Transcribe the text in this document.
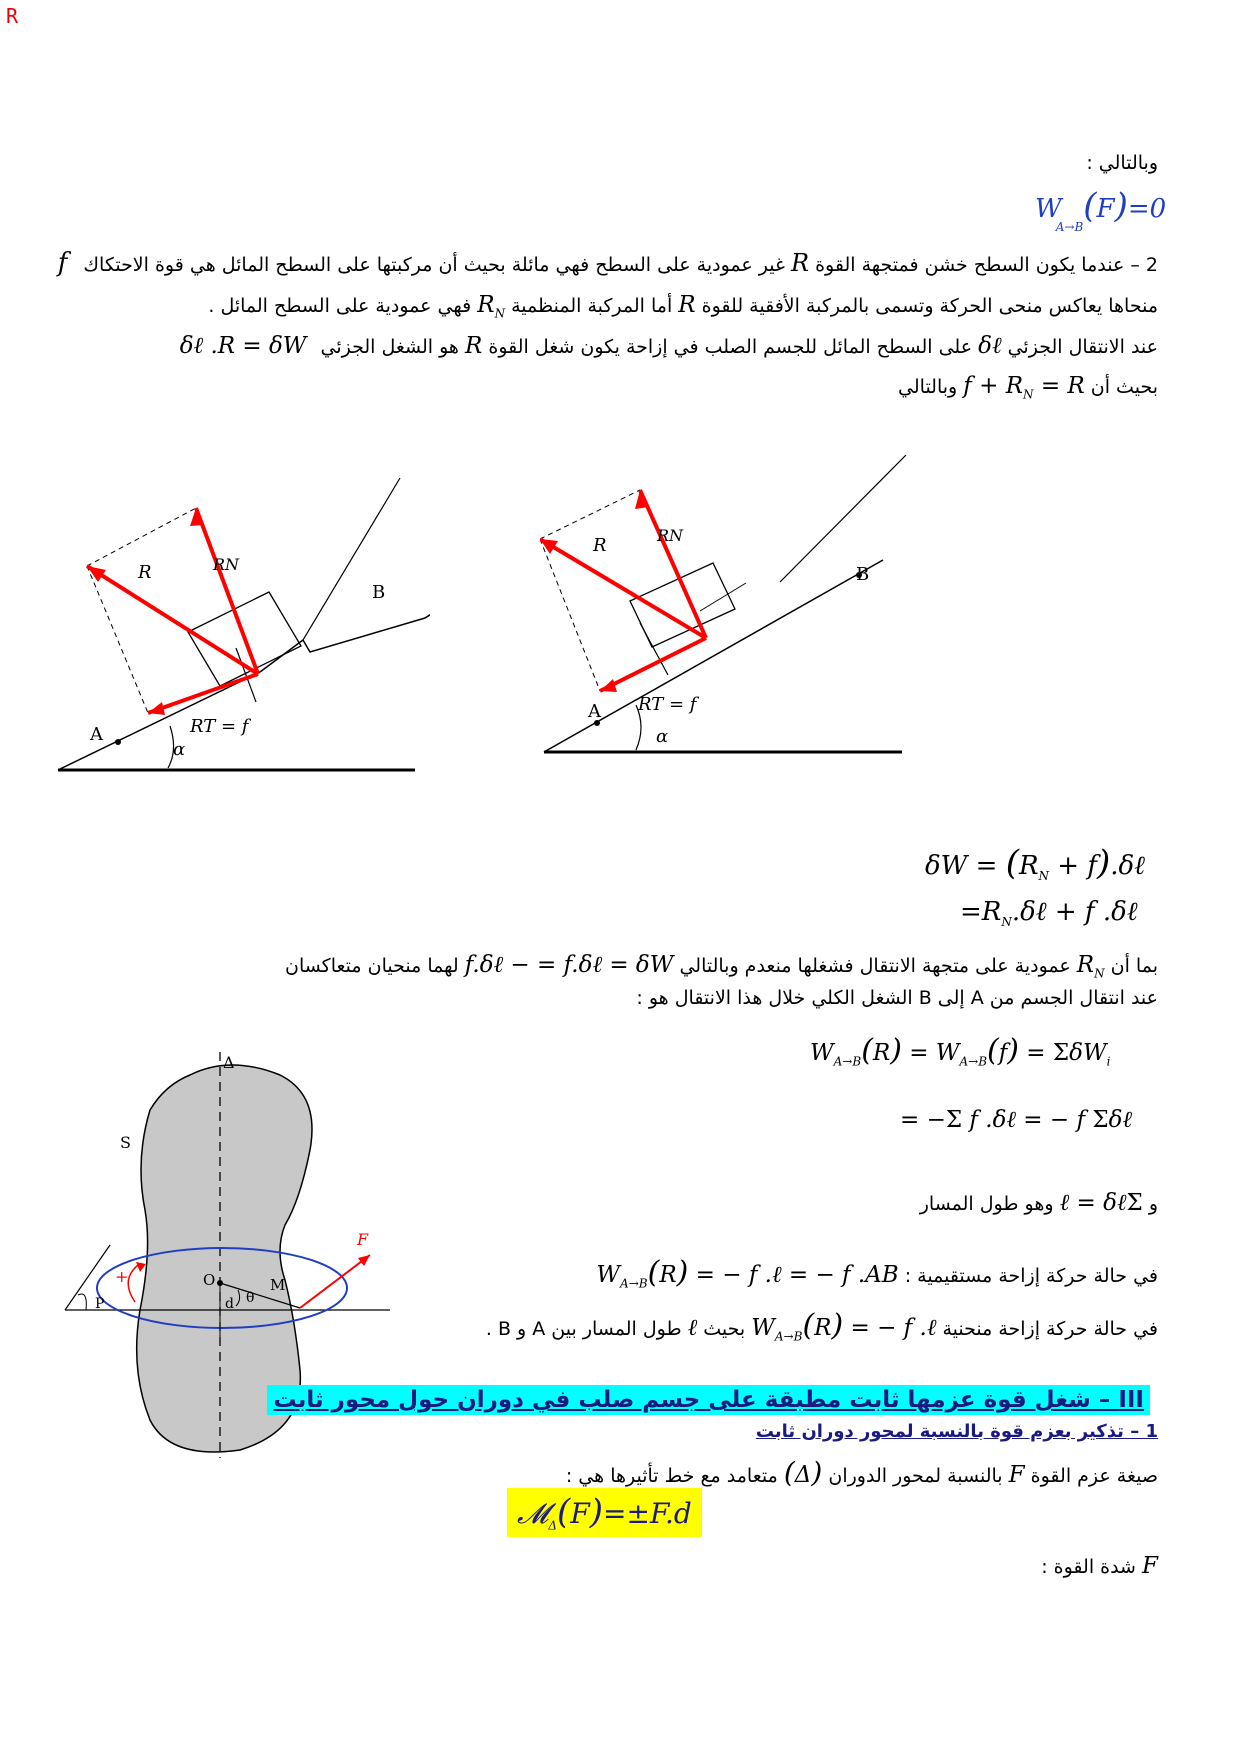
R
وبالتالي :
$W_{A\to B}(F)=0$
2 – عندما يكون السطح خشن فمتجهة القوة R غير عمودية على السطح فهي مائلة بحيث أن مركبتها على السطح المائل هي قوة الاحتكاك f
منحاها يعاكس منحى الحركة وتسمى بالمركبة الأفقية للقوة R أما المركبة المنظمية $R_N$ فهي عمودية على السطح المائل .
عند الانتقال الجزئي δℓ على السطح المائل للجسم الصلب في إزاحة يكون شغل القوة R هو الشغل الجزئي δℓ .R = δW
بحيث أن $f + R_N = R$ وبالتالي
R	RN
RT = f
A
B
α
R	RN
RT = f
A
B
α
$\delta W = (R_N$ + f).δℓ
$=R_N.\delta\ell + f$ .δℓ
بما أن $R_N$ عمودية على متجهة الانتقال فشغلها منعدم وبالتالي f.δℓ − = f.δℓ = δW لهما منحيان متعاكسان
عند انتقال الجسم من A إلى B الشغل الكلي خلال هذا الانتقال هو :
$W_{A\to B}(R) = W_{A\to B}(f) = \Sigma\delta W_i$
= −Σ f .δℓ = − f Σδℓ
و ℓ = δℓΣ وهو طول المسار
في حالة حركة إزاحة مستقيمية : $W_{A\to B}(R)$ = − f .ℓ = − f .AB
في حالة حركة إزاحة منحنية $W_{A\to B}(R)$ = − f .ℓ بحيث ℓ طول المسار بين A و B .
Δ
S
F
O	M
d θ
P
+
III – شغل قوة عزمها ثابت مطبقة على جسم صلب في دوران حول محور ثابت
1 – تذكير بعزم قوة بالنسبة لمحور دوران ثابت
صيغة عزم القوة F بالنسبة لمحور الدوران (Δ) متعامد مع خط تأثيرها هي :
𝓜$_\Delta$(F)=±F.d
F شدة القوة :
